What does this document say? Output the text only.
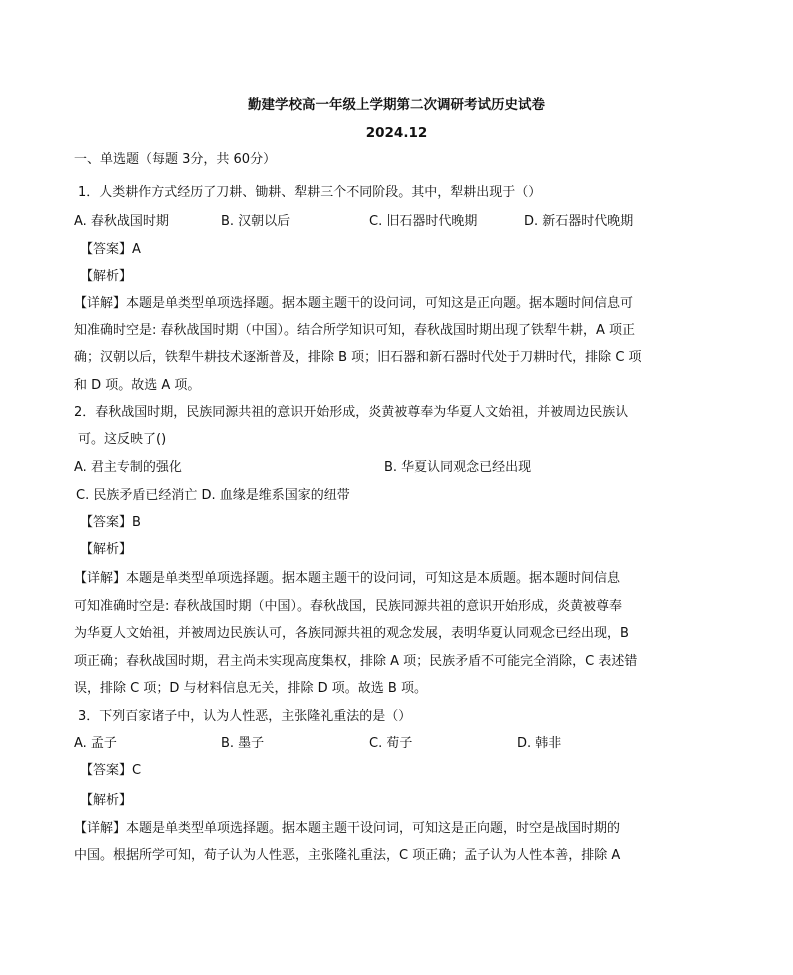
勤建学校高一年级上学期第二次调研考试历史试卷
2024.12
一、单选题（每题 3分，共 60分）
1．人类耕作方式经历了刀耕、锄耕、犁耕三个不同阶段。其中，犁耕出现于（）
A. 春秋战国时期	B. 汉朝以后	C. 旧石器时代晚期	D. 新石器时代晚期
【答案】A
【解析】
【详解】本题是单类型单项选择题。据本题主题干的设问词，可知这是正向题。据本题时间信息可
知准确时空是: 春秋战国时期（中国）。结合所学知识可知，春秋战国时期出现了铁犁牛耕，A 项正
确；汉朝以后，铁犁牛耕技术逐渐普及，排除 B 项；旧石器和新石器时代处于刀耕时代，排除 C 项
和 D 项。故选 A 项。
2．春秋战国时期，民族同源共祖的意识开始形成，炎黄被尊奉为华夏人文始祖，并被周边民族认
可。这反映了()
A. 君主专制的强化	B. 华夏认同观念已经出现
C. 民族矛盾已经消亡 D. 血缘是维系国家的纽带
【答案】B
【解析】
【详解】本题是单类型单项选择题。据本题主题干的设问词，可知这是本质题。据本题时间信息
可知准确时空是: 春秋战国时期（中国）。春秋战国，民族同源共祖的意识开始形成，炎黄被尊奉
为华夏人文始祖，并被周边民族认可，各族同源共祖的观念发展，表明华夏认同观念已经出现，B
项正确；春秋战国时期，君主尚未实现高度集权，排除 A 项；民族矛盾不可能完全消除，C 表述错
误，排除 C 项；D 与材料信息无关，排除 D 项。故选 B 项。
3．下列百家诸子中，认为人性恶，主张隆礼重法的是（）
A. 孟子	B. 墨子	C. 荀子	D. 韩非
【答案】C
【解析】
【详解】本题是单类型单项选择题。据本题主题干设问词，可知这是正向题，时空是战国时期的
中国。根据所学可知，荀子认为人性恶，主张隆礼重法，C 项正确；孟子认为人性本善，排除 A
